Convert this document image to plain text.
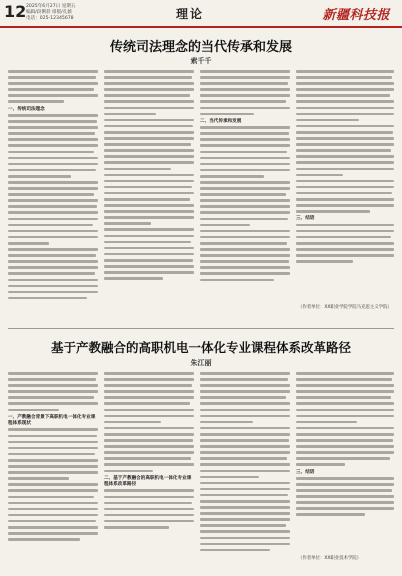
12 2025年6月27日 星期五
编辑/段俐彩 排版/孔薇
电话：025-12345678	理论	新疆科技报
传统司法理念的当代传承和发展
索千千
一、传统司法理念
二、当代传承和发展
三、结语
（作者单位：XX职业学院学院马克思主义学院）
基于产教融合的高职机电一体化专业课程体系改革路径
朱江丽
一、产教融合背景下高职机电一体化专业课程体系现状
二、基于产教融合的高职机电一体化专业课程体系改革路径
三、结语
（作者单位：XX职业技术学院）
